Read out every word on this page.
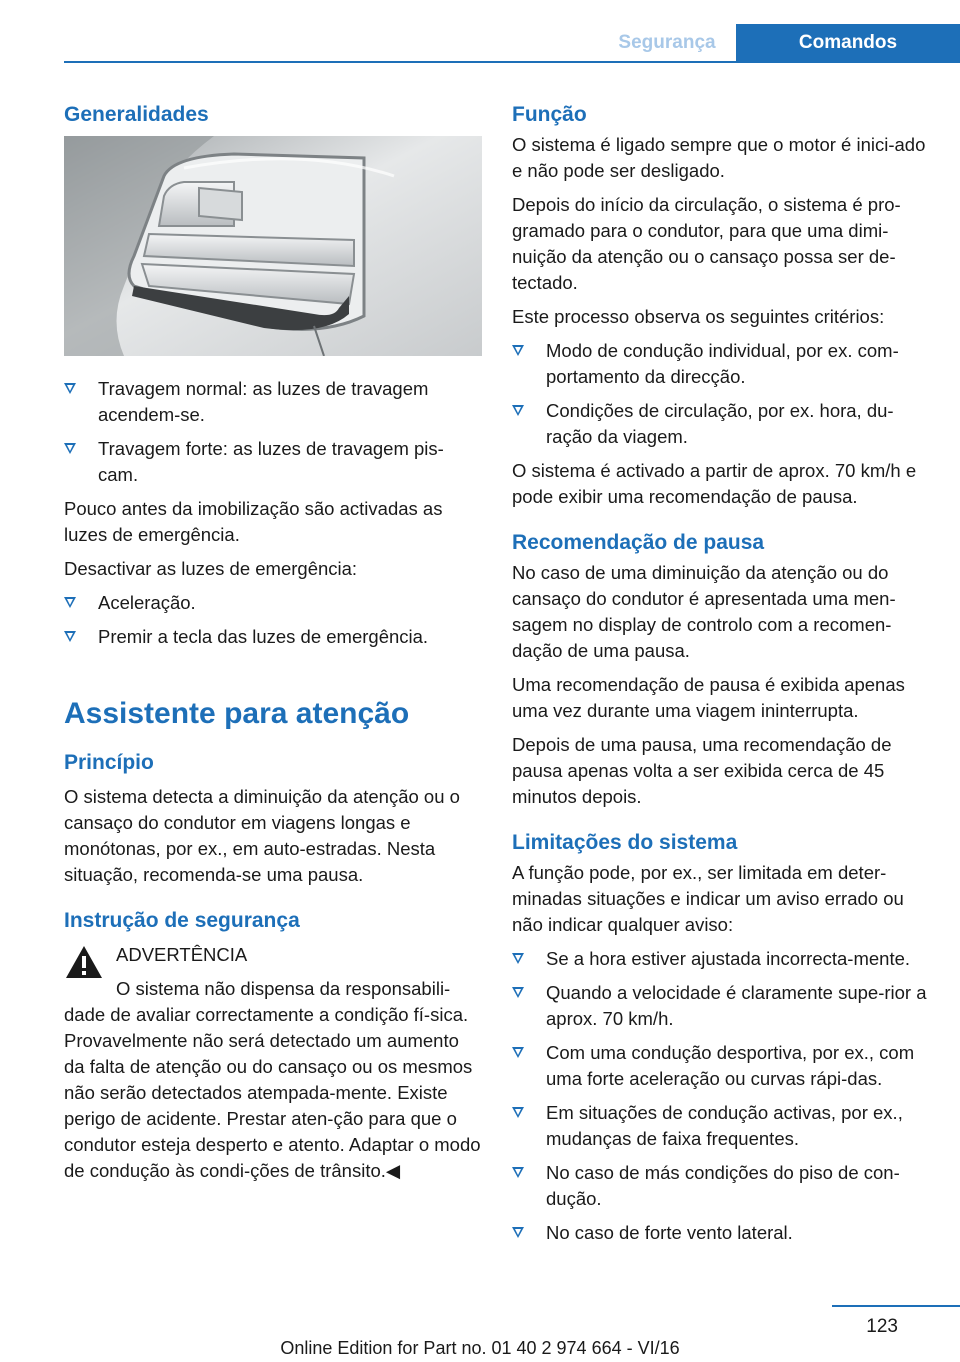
Segurança	Comandos
Generalidades
Travagem normal: as luzes de travagem acendem-se.
Travagem forte: as luzes de travagem pis‐cam.

Pouco antes da imobilização são activadas as luzes de emergência.

Desactivar as luzes de emergência:

Aceleração.
Premir a tecla das luzes de emergência.
Assistente para atenção
Princípio

O sistema detecta a diminuição da atenção ou o cansaço do condutor em viagens longas e monótonas, por ex., em auto-estradas. Nesta situação, recomenda-se uma pausa.

Instrução de segurança

ADVERTÊNCIA

O sistema não dispensa da responsabili‐dade de avaliar correctamente a condição fí‐sica. Provavelmente não será detectado um aumento da falta de atenção ou do cansaço ou os mesmos não serão detectados atempada‐mente. Existe perigo de acidente. Prestar aten‐ção para que o condutor esteja desperto e atento. Adaptar o modo de condução às condi‐ções de trânsito.◀

Função

O sistema é ligado sempre que o motor é inici‐ado e não pode ser desligado.

Depois do início da circulação, o sistema é pro‐gramado para o condutor, para que uma dimi‐nuição da atenção ou o cansaço possa ser de‐tectado.

Este processo observa os seguintes critérios:

Modo de condução individual, por ex. com‐portamento da direcção.
Condições de circulação, por ex. hora, du‐ração da viagem.

O sistema é activado a partir de aprox. 70 km/h e pode exibir uma recomendação de pausa.

Recomendação de pausa

No caso de uma diminuição da atenção ou do cansaço do condutor é apresentada uma men‐sagem no display de controlo com a recomen‐dação de uma pausa.

Uma recomendação de pausa é exibida apenas uma vez durante uma viagem ininterrupta.

Depois de uma pausa, uma recomendação de pausa apenas volta a ser exibida cerca de 45 minutos depois.

Limitações do sistema

A função pode, por ex., ser limitada em deter‐minadas situações e indicar um aviso errado ou não indicar qualquer aviso:

Se a hora estiver ajustada incorrecta‐mente.
Quando a velocidade é claramente supe‐rior a aprox. 70 km/h.
Com uma condução desportiva, por ex., com uma forte aceleração ou curvas rápi‐das.
Em situações de condução activas, por ex., mudanças de faixa frequentes.
No caso de más condições do piso de con‐dução.
No caso de forte vento lateral.
123
Online Edition for Part no. 01 40 2 974 664 - VI/16
